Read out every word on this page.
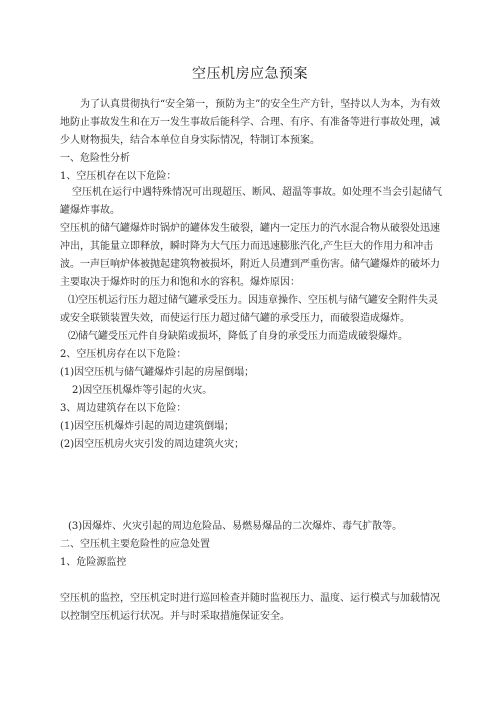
空压机房应急预案

为了认真贯彻执行“安全第一，预防为主”的安全生产方针，坚持以人为本，为有效地防止事故发生和在万一发生事故后能科学、合理、有序、有准备等进行事故处理，减少人财物损失，结合本单位自身实际情况，特制订本预案。

一、危险性分析

1、空压机存在以下危险：

空压机在运行中遇特殊情况可出现超压、断风、超温等事故。如处理不当会引起储气罐爆炸事故。

空压机的储气罐爆炸时锅炉的罐体发生破裂，罐内一定压力的汽水混合物从破裂处迅速冲出，其能量立即释放，瞬时降为大气压力而迅速膨胀汽化,产生巨大的作用力和冲击波。一声巨响炉体被抛起建筑物被损坏，附近人员遭到严重伤害。储气罐爆炸的破坏力主要取决于爆炸时的压力和饱和水的容积。爆炸原因：

⑴空压机运行压力超过储气罐承受压力。因违章操作、空压机与储气罐安全附件失灵或安全联锁装置失效，而使运行压力超过储气罐的承受压力，而破裂造成爆炸。

⑵储气罐受压元件自身缺陷或损坏，降低了自身的承受压力而造成破裂爆炸。

2、空压机房存在以下危险：

(1)因空压机与储气罐爆炸引起的房屋倒塌；

2)因空压机爆炸等引起的火灾。

3、周边建筑存在以下危险：

(1)因空压机爆炸引起的周边建筑倒塌；

(2)因空压机房火灾引发的周边建筑火灾；

(3)因爆炸、火灾引起的周边危险品、易燃易爆品的二次爆炸、毒气扩散等。

二、空压机主要危险性的应急处置

1、危险源监控

空压机的监控，空压机定时进行巡回检查并随时监视压力、温度、运行模式与加载情况以控制空压机运行状况。并与时采取措施保证安全。
